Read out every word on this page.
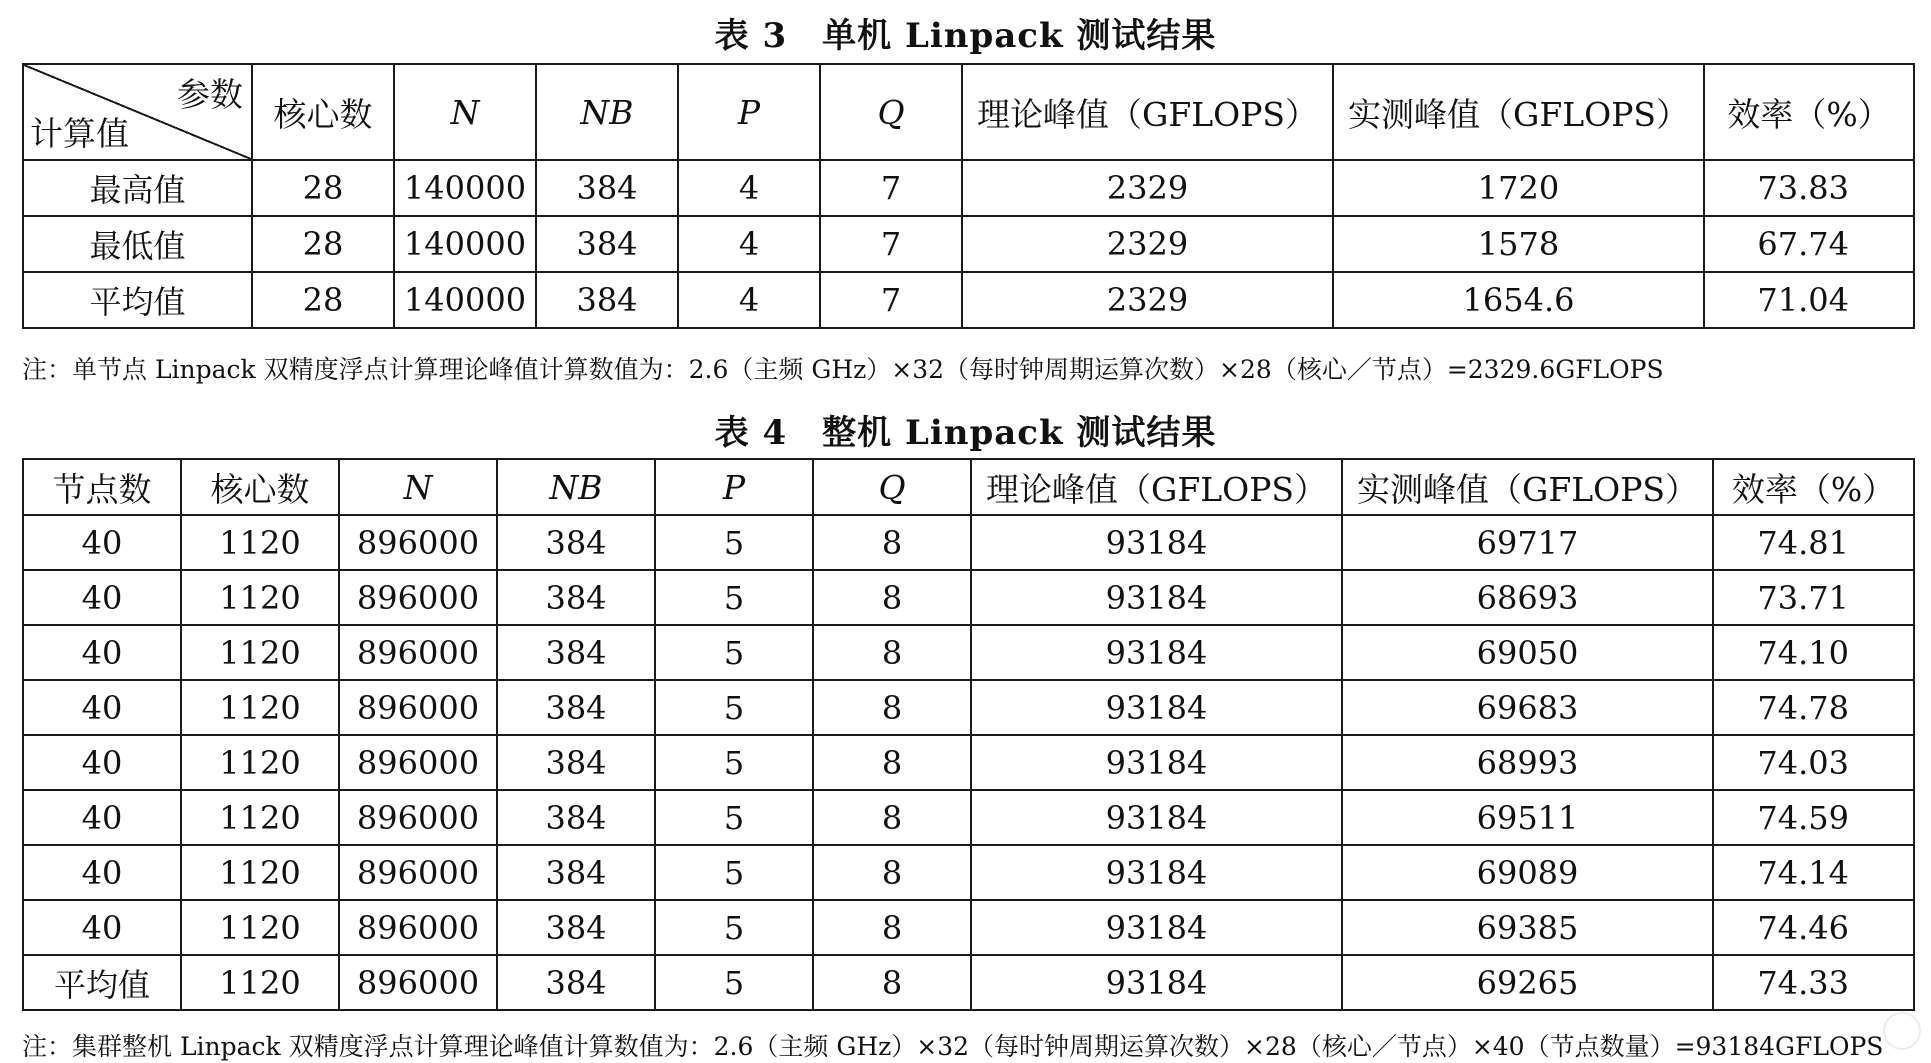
表 3　单机 Linpack 测试结果
参数
计算值	核心数	N	NB	P	Q	理论峰值（GFLOPS）	实测峰值（GFLOPS）	效率（%）
最高值	28	140000	384	4	7	2329	1720	73.83
最低值	28	140000	384	4	7	2329	1578	67.74
平均值	28	140000	384	4	7	2329	1654.6	71.04
注：单节点 Linpack 双精度浮点计算理论峰值计算数值为：2.6（主频 GHz）×32（每时钟周期运算次数）×28（核心／节点）=2329.6GFLOPS
表 4　整机 Linpack 测试结果
节点数	核心数	N	NB	P	Q	理论峰值（GFLOPS）	实测峰值（GFLOPS）	效率（%）
40	1120	896000	384	5	8	93184	69717	74.81
40	1120	896000	384	5	8	93184	68693	73.71
40	1120	896000	384	5	8	93184	69050	74.10
40	1120	896000	384	5	8	93184	69683	74.78
40	1120	896000	384	5	8	93184	68993	74.03
40	1120	896000	384	5	8	93184	69511	74.59
40	1120	896000	384	5	8	93184	69089	74.14
40	1120	896000	384	5	8	93184	69385	74.46
平均值	1120	896000	384	5	8	93184	69265	74.33
注：集群整机 Linpack 双精度浮点计算理论峰值计算数值为：2.6（主频 GHz）×32（每时钟周期运算次数）×28（核心／节点）×40（节点数量）=93184GFLOPS
